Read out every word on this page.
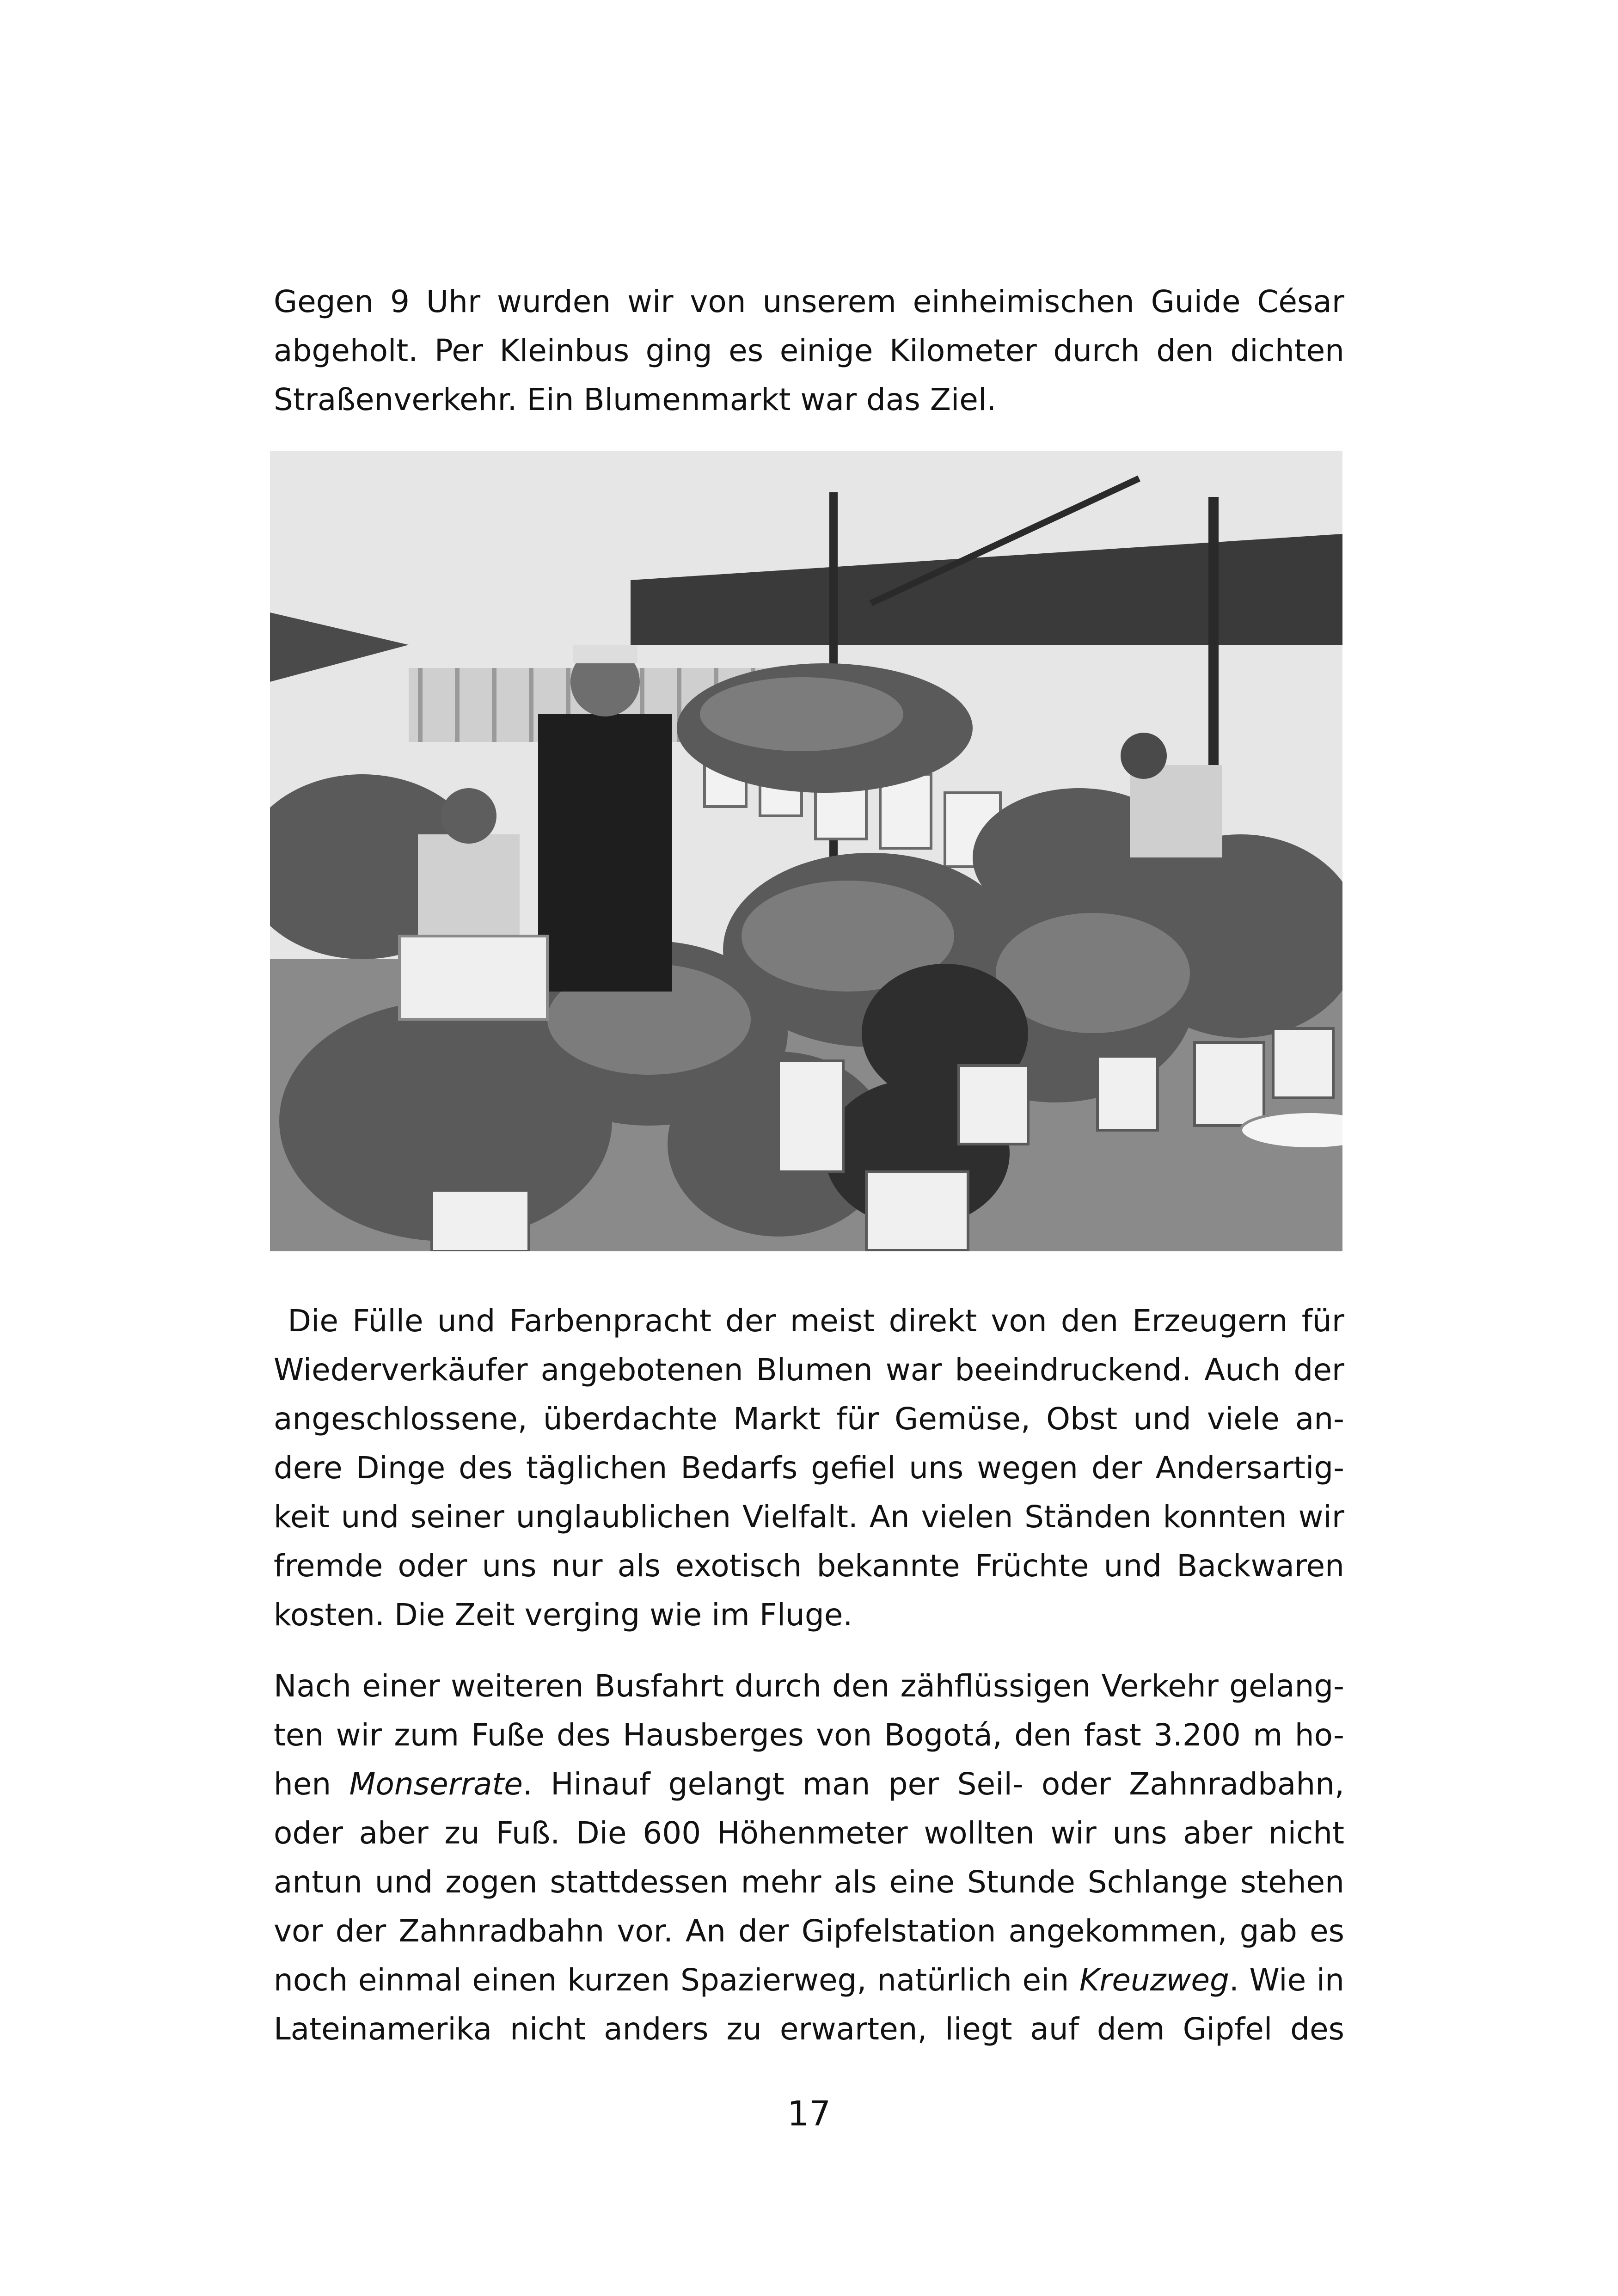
Gegen 9 Uhr wurden wir von unserem einheimischen Guide César
abgeholt. Per Kleinbus ging es einige Kilometer durch den dichten
Straßenverkehr. Ein Blumenmarkt war das Ziel.
Die Fülle und Farbenpracht der meist direkt von den Erzeugern für
Wiederverkäufer angebotenen Blumen war beeindruckend. Auch der
angeschlossene, überdachte Markt für Gemüse, Obst und viele an-
dere Dinge des täglichen Bedarfs gefiel uns wegen der Andersartig-
keit und seiner unglaublichen Vielfalt. An vielen Ständen konnten wir
fremde oder uns nur als exotisch bekannte Früchte und Backwaren
kosten. Die Zeit verging wie im Fluge.
Nach einer weiteren Busfahrt durch den zähflüssigen Verkehr gelang-
ten wir zum Fuße des Hausberges von Bogotá, den fast 3.200 m ho-
hen Monserrate. Hinauf gelangt man per Seil- oder Zahnradbahn,
oder aber zu Fuß. Die 600 Höhenmeter wollten wir uns aber nicht
antun und zogen stattdessen mehr als eine Stunde Schlange stehen
vor der Zahnradbahn vor. An der Gipfelstation angekommen, gab es
noch einmal einen kurzen Spazierweg, natürlich ein Kreuzweg. Wie in
Lateinamerika nicht anders zu erwarten, liegt auf dem Gipfel des
17
